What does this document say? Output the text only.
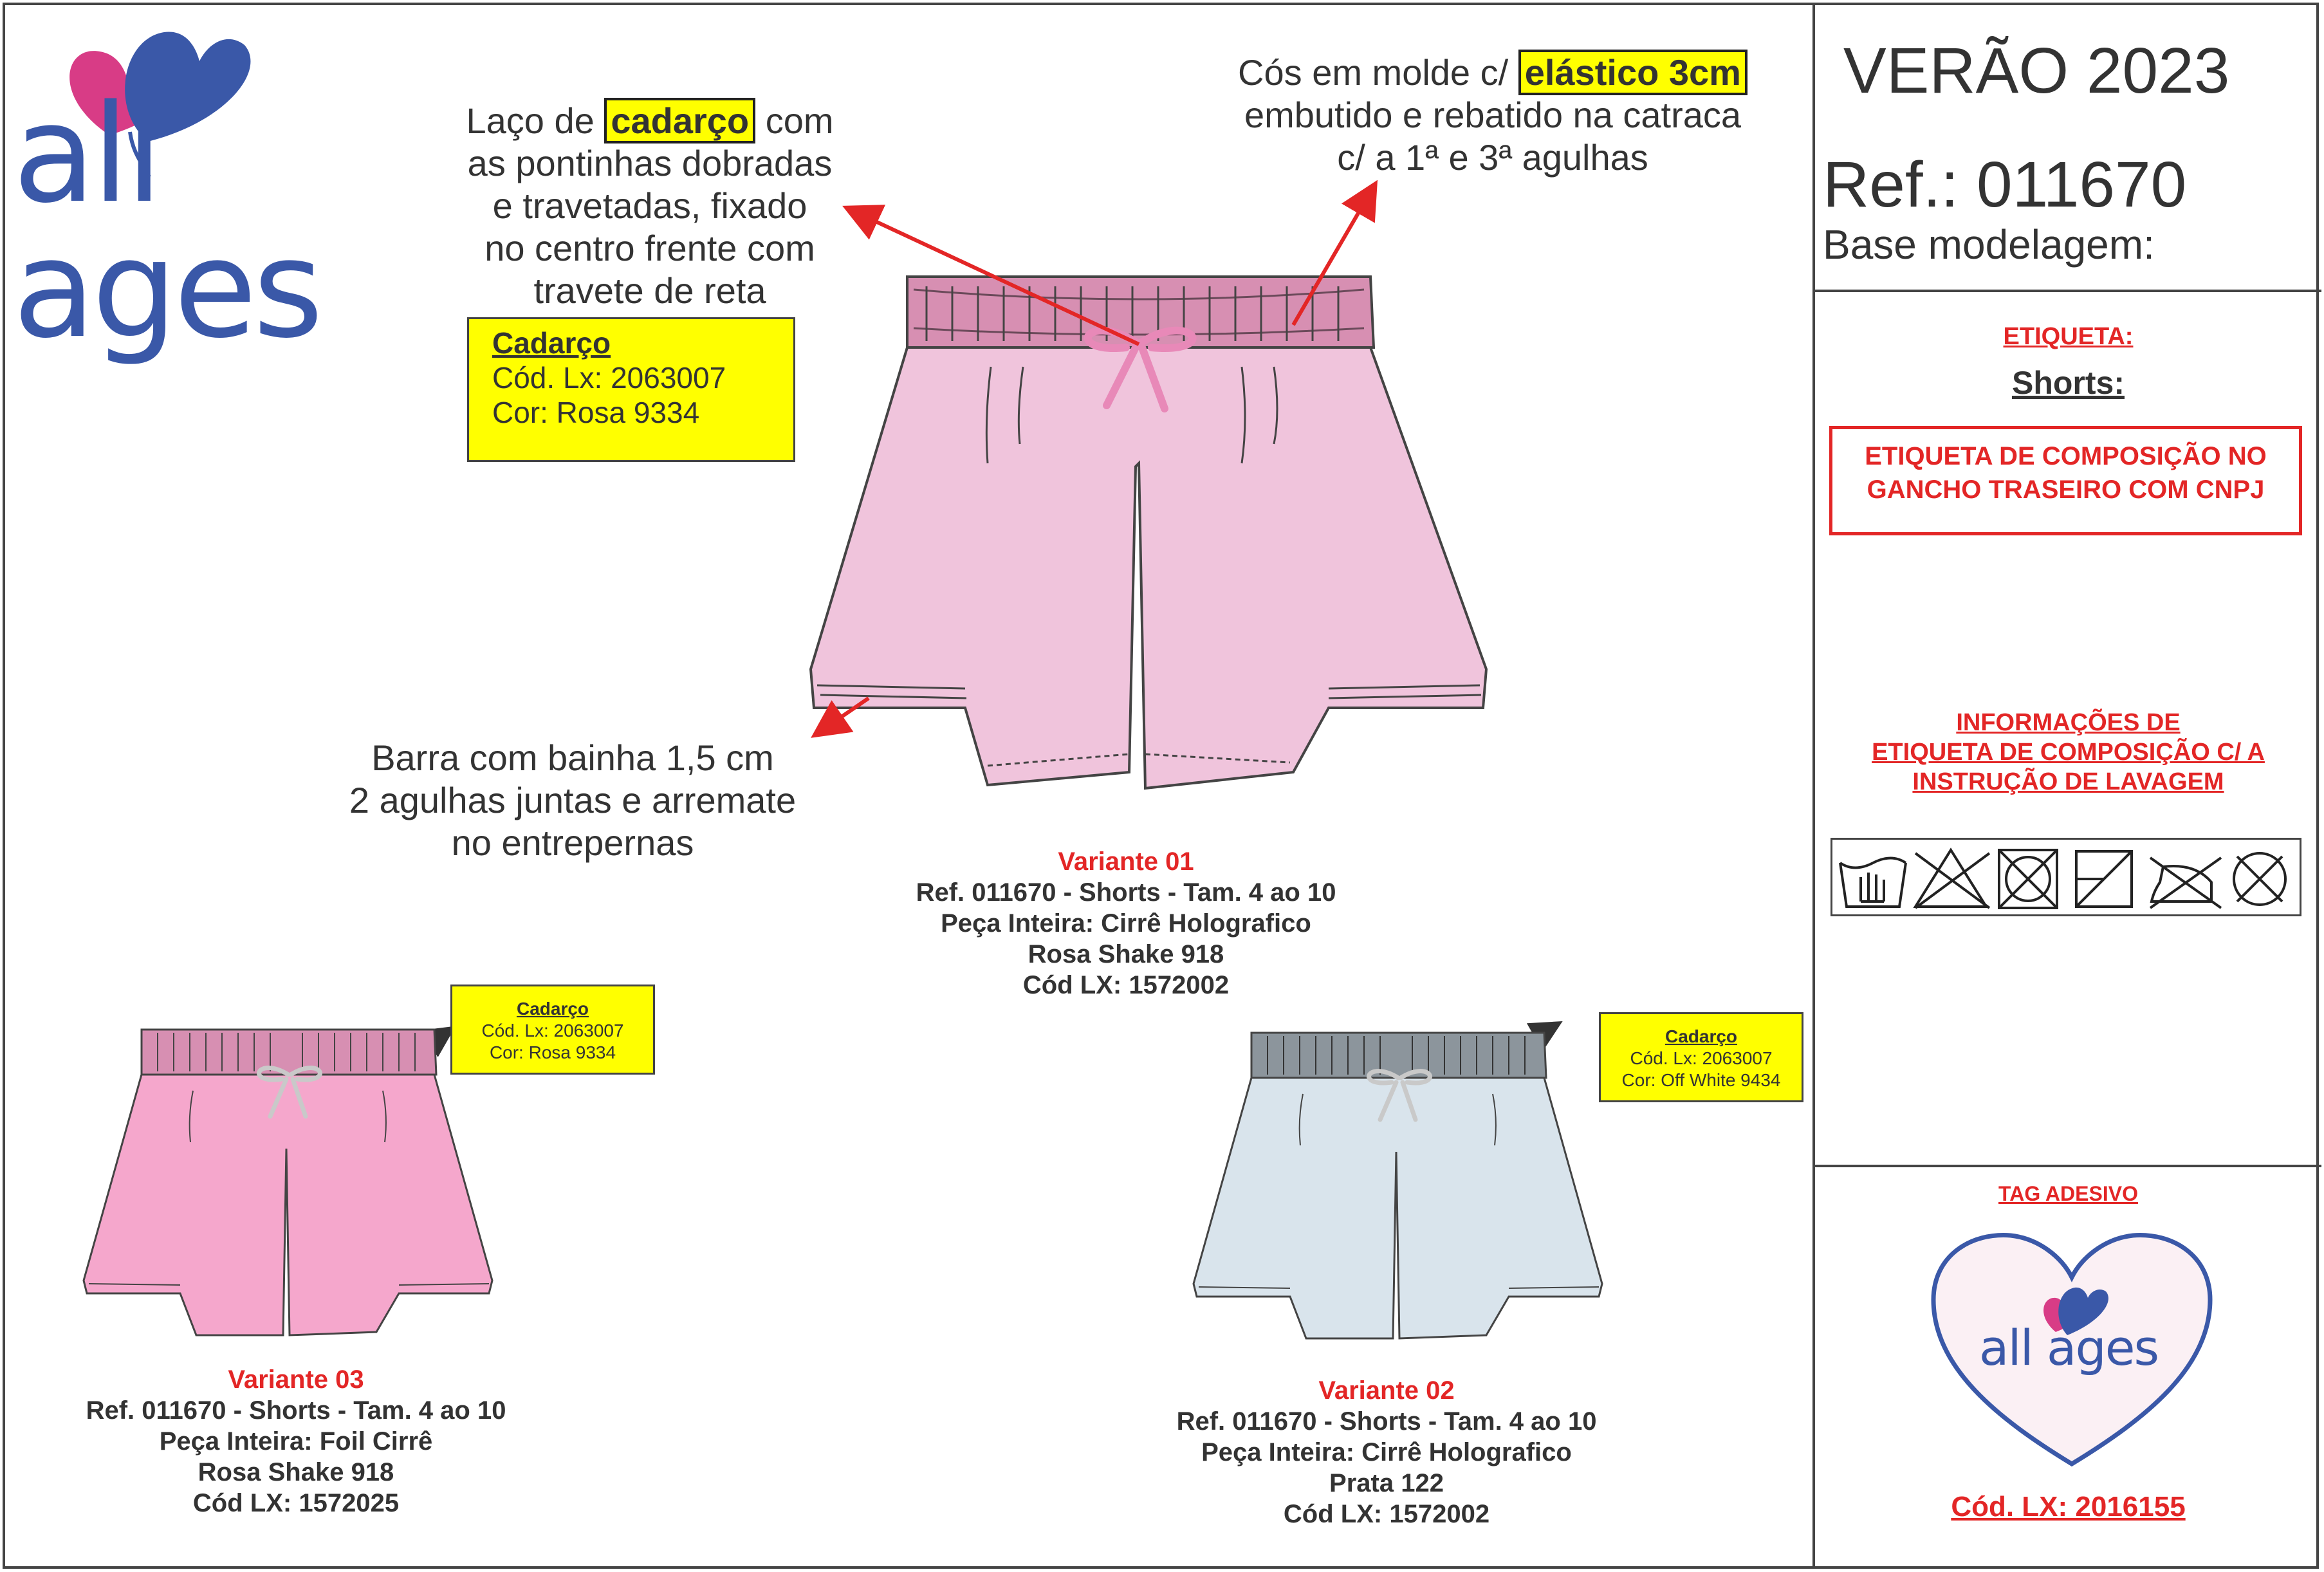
all ages
Laço de cadarço com
as pontinhas dobradas
e travetadas, fixado
no centro frente com
travete de reta
Cós em molde c/ elástico 3cm
embutido e rebatido na catraca
c/ a 1ª e 3ª agulhas
Barra com bainha 1,5 cm
2 agulhas juntas e arremate
no entrepernas
Cadarço
Cód. Lx: 2063007
Cor: Rosa 9334
Variante 01
Ref. 011670 - Shorts - Tam. 4 ao 10
Peça Inteira: Cirrê Holografico
Rosa Shake 918
Cód LX: 1572002
Cadarço
Cód. Lx: 2063007
Cor: Rosa 9334
Variante 03
Ref. 011670 - Shorts - Tam. 4 ao 10
Peça Inteira: Foil Cirrê
Rosa Shake 918
Cód LX: 1572025
Cadarço
Cód. Lx: 2063007
Cor: Off White 9434
Variante 02
Ref. 011670 - Shorts - Tam. 4 ao 10
Peça Inteira: Cirrê Holografico
Prata 122
Cód LX: 1572002
VERÃO 2023
Ref.: 011670
Base modelagem:
ETIQUETA:
Shorts:
ETIQUETA DE COMPOSIÇÃO NO
GANCHO TRASEIRO COM CNPJ
INFORMAÇÕES DE
ETIQUETA DE COMPOSIÇÃO C/ A
INSTRUÇÃO DE LAVAGEM
TAG ADESIVO
all ages
Cód. LX: 2016155
